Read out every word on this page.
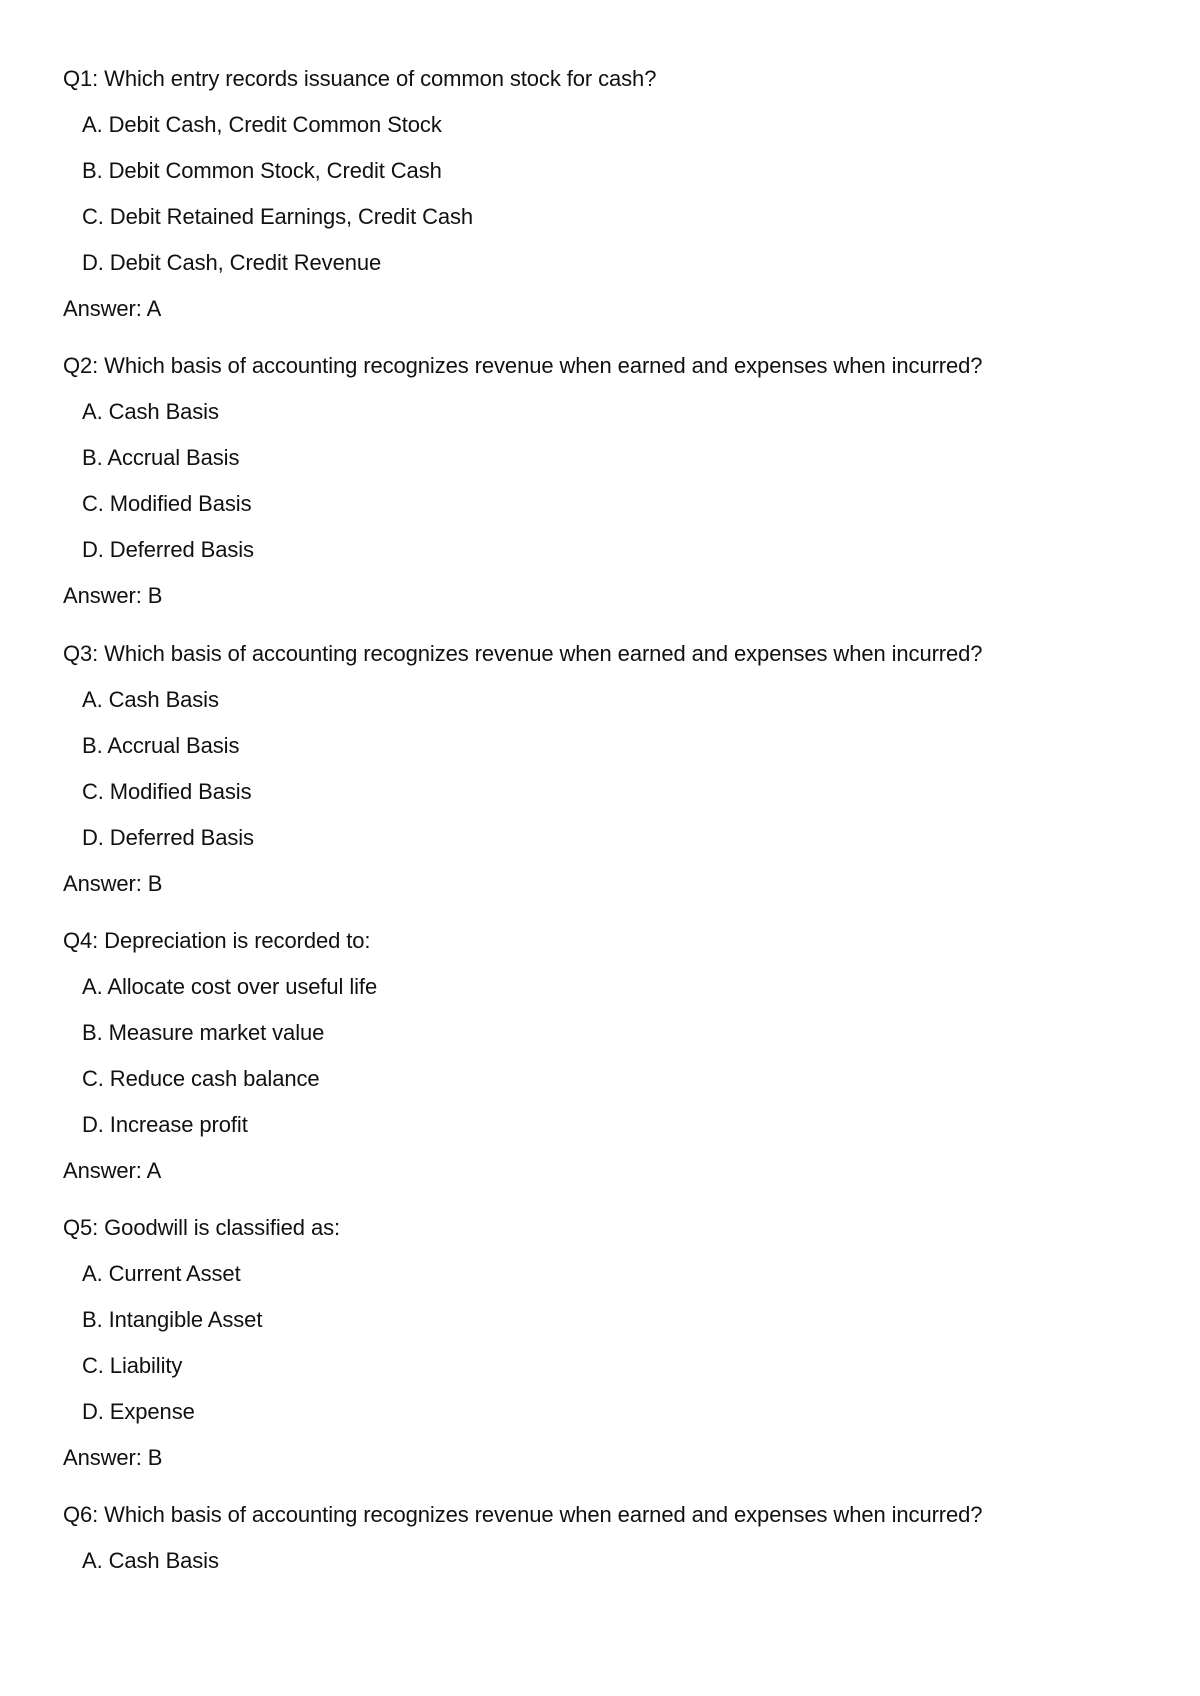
Q1: Which entry records issuance of common stock for cash?
A. Debit Cash, Credit Common Stock
B. Debit Common Stock, Credit Cash
C. Debit Retained Earnings, Credit Cash
D. Debit Cash, Credit Revenue
Answer: A
Q2: Which basis of accounting recognizes revenue when earned and expenses when incurred?
A. Cash Basis
B. Accrual Basis
C. Modified Basis
D. Deferred Basis
Answer: B
Q3: Which basis of accounting recognizes revenue when earned and expenses when incurred?
A. Cash Basis
B. Accrual Basis
C. Modified Basis
D. Deferred Basis
Answer: B
Q4: Depreciation is recorded to:
A. Allocate cost over useful life
B. Measure market value
C. Reduce cash balance
D. Increase profit
Answer: A
Q5: Goodwill is classified as:
A. Current Asset
B. Intangible Asset
C. Liability
D. Expense
Answer: B
Q6: Which basis of accounting recognizes revenue when earned and expenses when incurred?
A. Cash Basis
